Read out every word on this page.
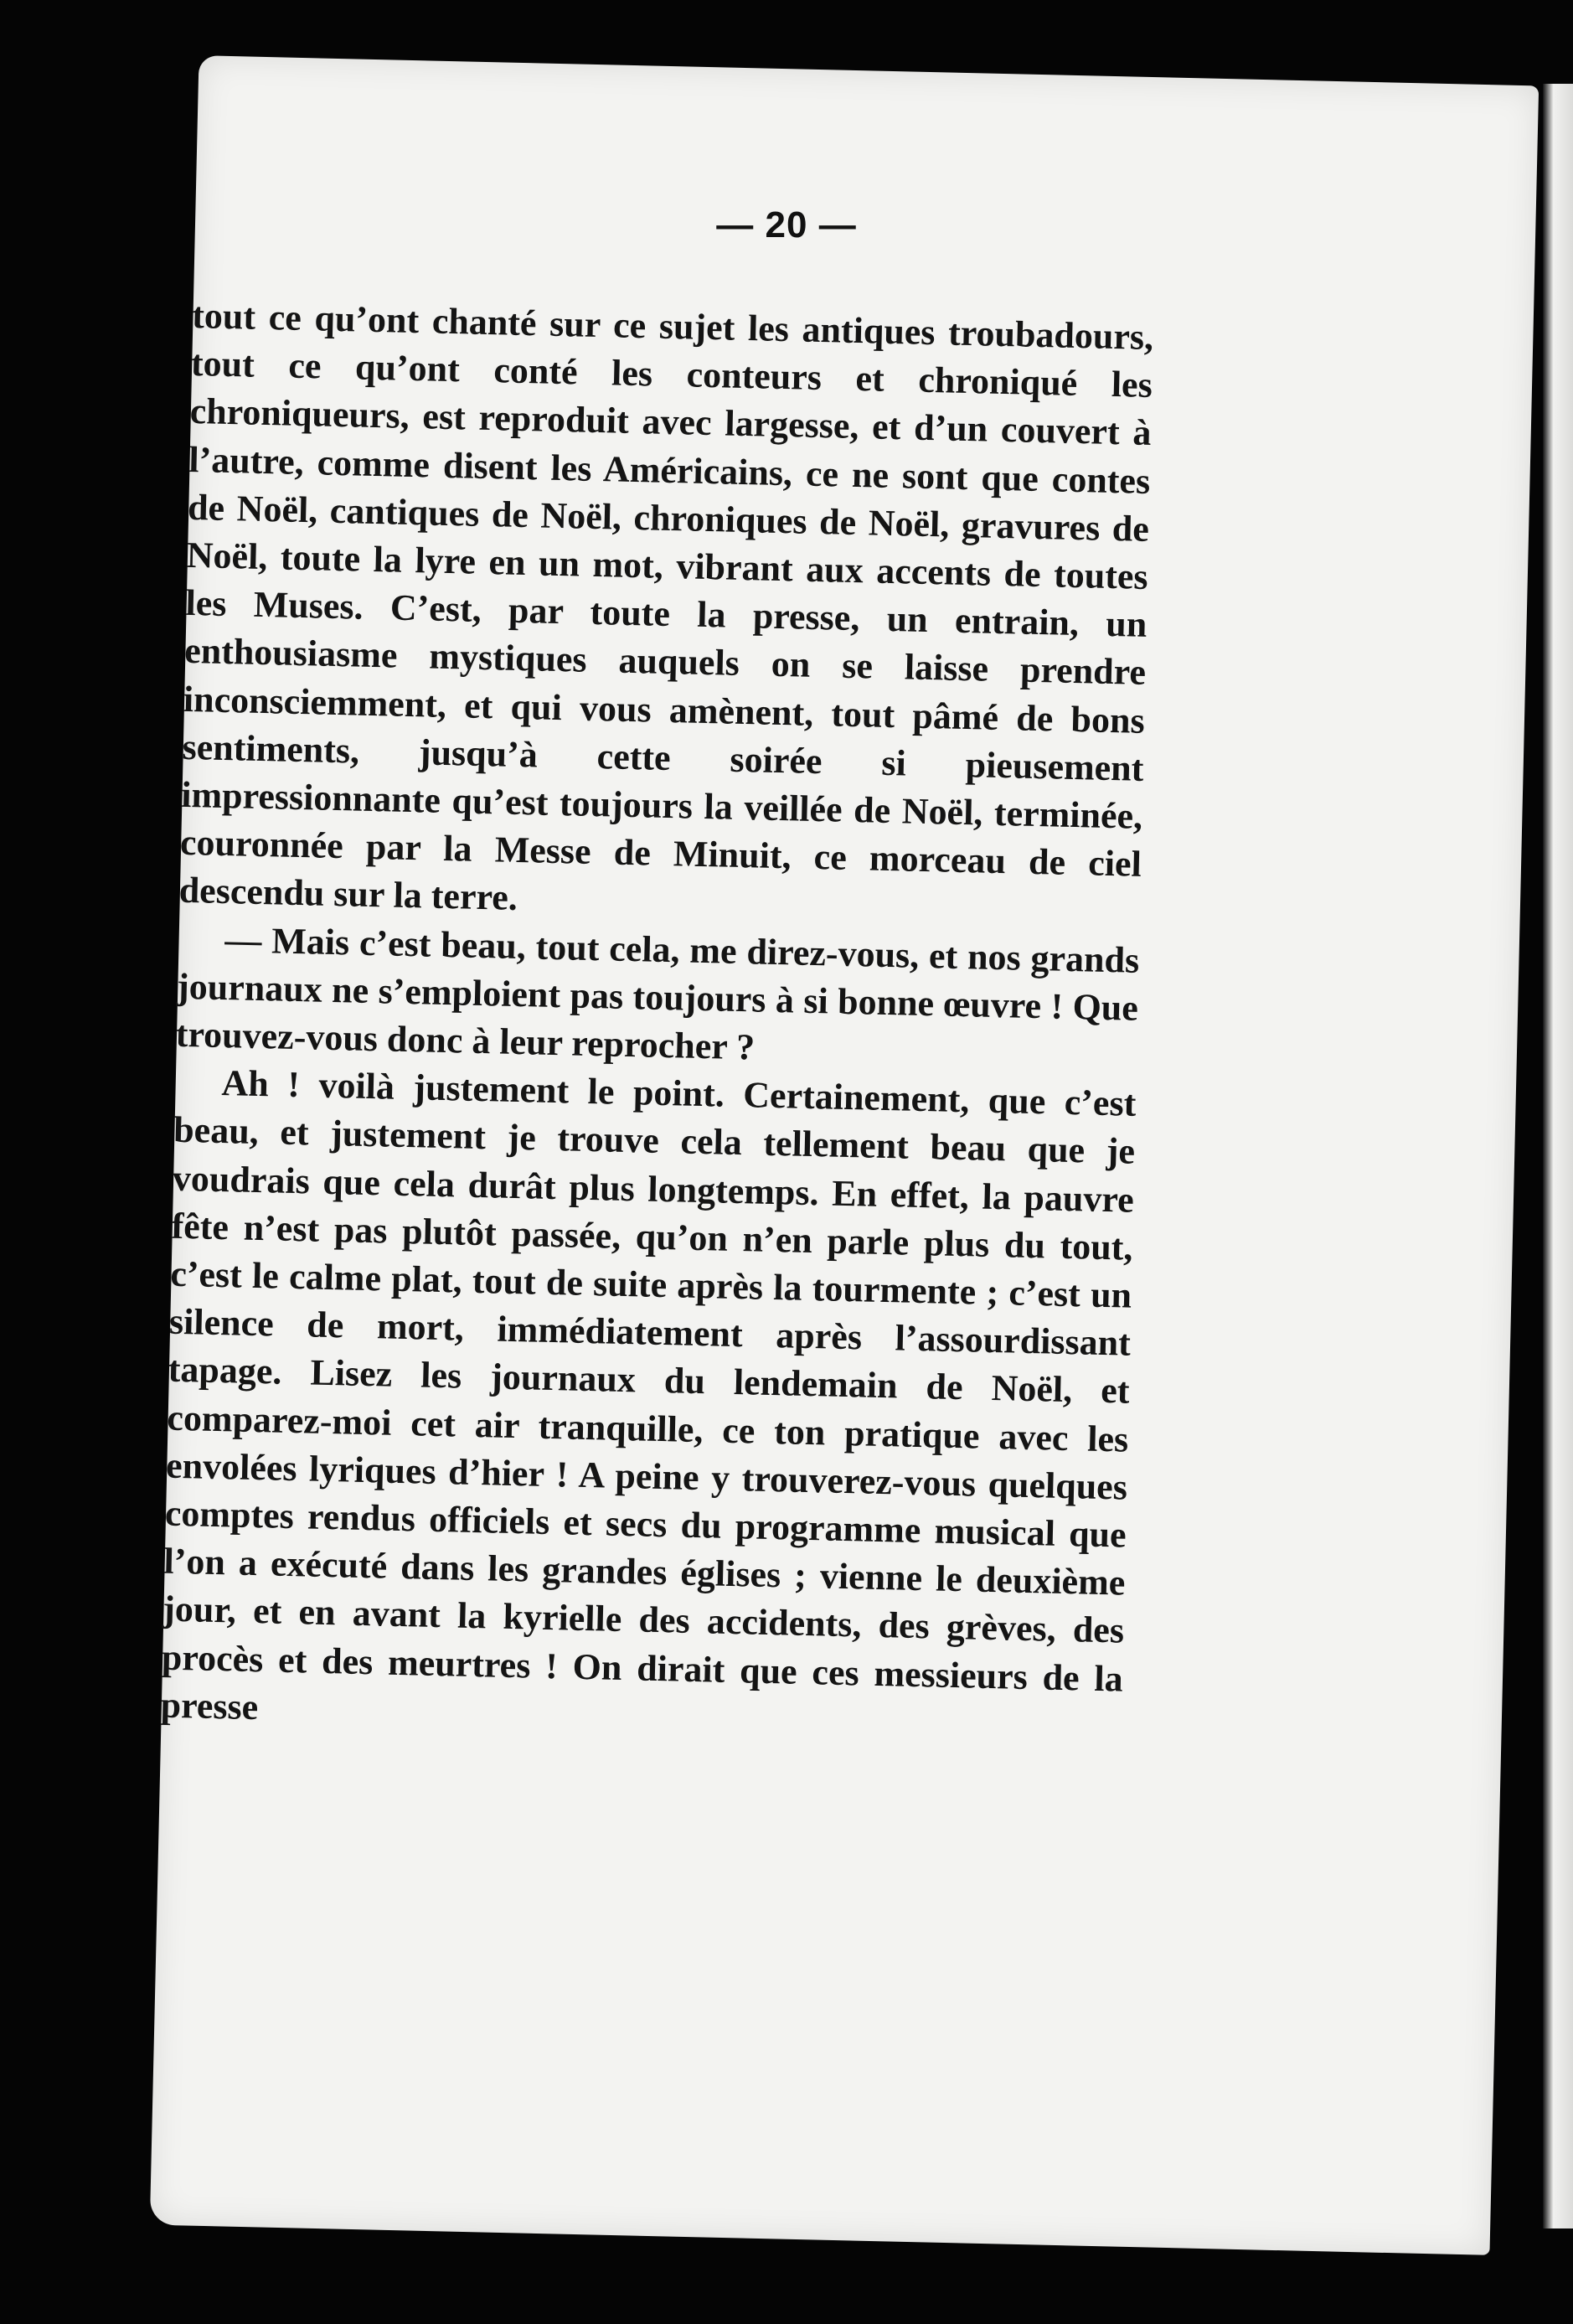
— 20 —

tout ce qu’ont chanté sur ce sujet les antiques troubadours, tout ce qu’ont conté les conteurs et chroniqué les chroniqueurs, est reproduit avec largesse, et d’un couvert à l’autre, comme disent les Américains, ce ne sont que contes de Noël, cantiques de Noël, chroniques de Noël, gravures de Noël, toute la lyre en un mot, vibrant aux accents de toutes les Muses. C’est, par toute la presse, un entrain, un enthousiasme mystiques auquels on se laisse prendre inconsciemment, et qui vous amènent, tout pâmé de bons sentiments, jusqu’à cette soirée si pieusement impressionnante qu’est toujours la veillée de Noël, terminée, couronnée par la Messe de Minuit, ce morceau de ciel descendu sur la terre.

— Mais c’est beau, tout cela, me direz-vous, et nos grands journaux ne s’emploient pas toujours à si bonne œuvre ! Que trouvez-vous donc à leur reprocher ?

Ah ! voilà justement le point. Certainement, que c’est beau, et justement je trouve cela tellement beau que je voudrais que cela durât plus longtemps. En effet, la pauvre fête n’est pas plutôt passée, qu’on n’en parle plus du tout, c’est le calme plat, tout de suite après la tourmente ; c’est un silence de mort, immédiatement après l’assourdissant tapage. Lisez les journaux du lendemain de Noël, et comparez-moi cet air tranquille, ce ton pratique avec les envolées lyriques d’hier ! A peine y trouverez-vous quelques comptes rendus officiels et secs du programme musical que l’on a exécuté dans les grandes églises ; vienne le deuxième jour, et en avant la kyrielle des accidents, des grèves, des procès et des meurtres ! On dirait que ces messieurs de la presse
